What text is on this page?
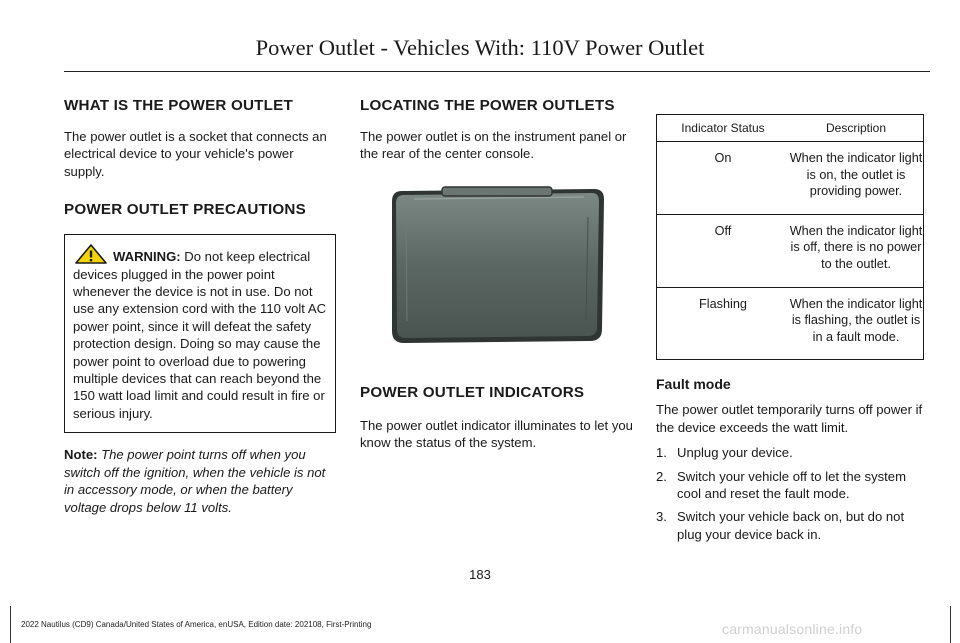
Power Outlet - Vehicles With: 110V Power Outlet
WHAT IS THE POWER OUTLET

The power outlet is a socket that connects an electrical device to your vehicle's power supply.

POWER OUTLET PRECAUTIONS

WARNING: Do not keep electrical devices plugged in the power point whenever the device is not in use. Do not use any extension cord with the 110 volt AC power point, since it will defeat the safety protection design. Doing so may cause the power point to overload due to powering multiple devices that can reach beyond the 150 watt load limit and could result in fire or serious injury.

Note: The power point turns off when you switch off the ignition, when the vehicle is not in accessory mode, or when the battery voltage drops below 11 volts.

LOCATING THE POWER OUTLETS

The power outlet is on the instrument panel or the rear of the center console.

POWER OUTLET INDICATORS

The power outlet indicator illuminates to let you know the status of the system.

Indicator Status	Description
On	When the indicator light is on, the outlet is providing power.
Off	When the indicator light is off, there is no power to the outlet.
Flashing	When the indicator light is flashing, the outlet is in a fault mode.
Fault mode

The power outlet temporarily turns off power if the device exceeds the watt limit.

1. Unplug your device.
2. Switch your vehicle off to let the system cool and reset the fault mode.
3. Switch your vehicle back on, but do not plug your device back in.
183
2022 Nautilus (CD9) Canada/United States of America, enUSA, Edition date: 202108, First-Printing	carmanualsonline.info
